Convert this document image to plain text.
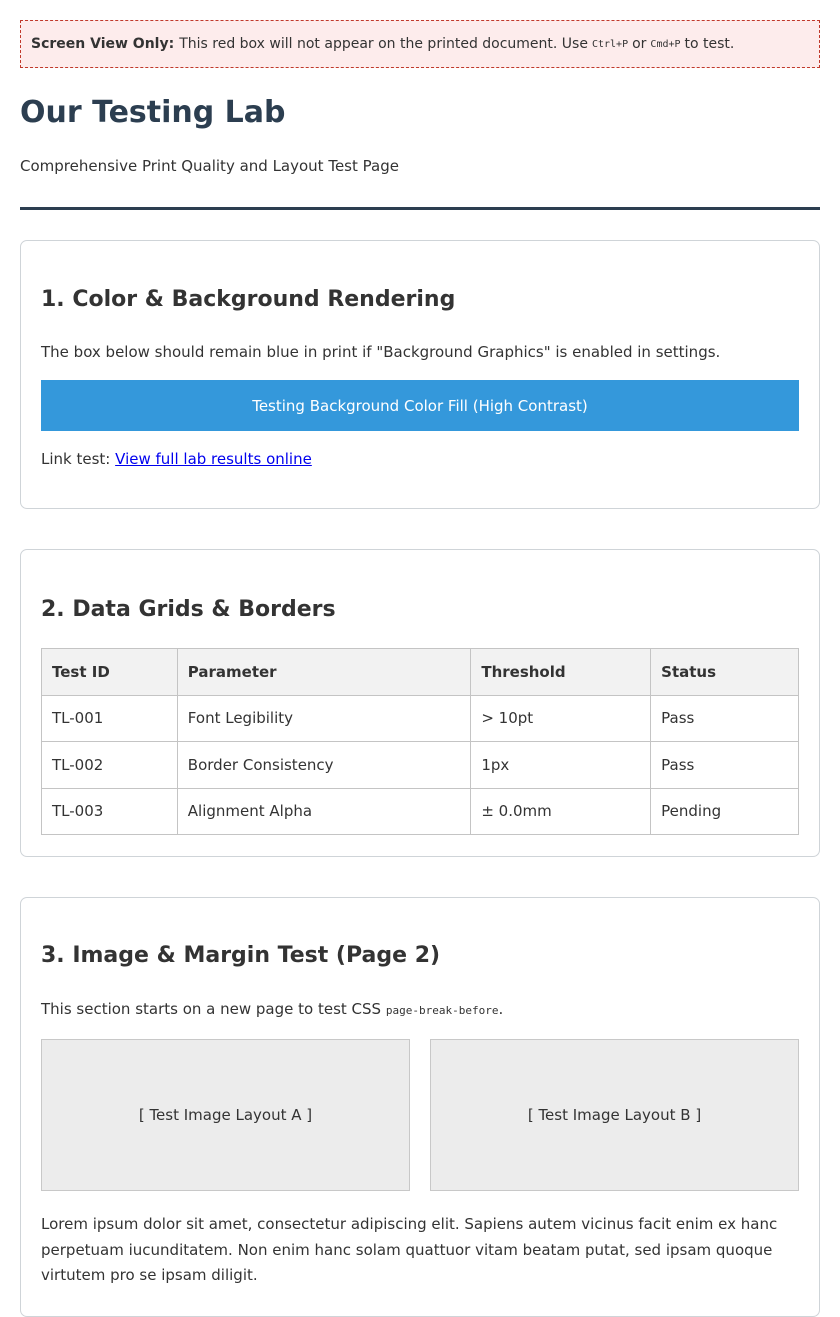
Screen View Only: This red box will not appear on the printed document. Use Ctrl+P or Cmd+P to test.
Our Testing Lab
Comprehensive Print Quality and Layout Test Page
1. Color & Background Rendering

The box below should remain blue in print if "Background Graphics" is enabled in settings.

Testing Background Color Fill (High Contrast)

Link test: View full lab results online

2. Data Grids & Borders
Test ID	Parameter	Threshold	Status
TL-001	Font Legibility	> 10pt	Pass
TL-002	Border Consistency	1px	Pass
TL-003	Alignment Alpha	± 0.0mm	Pending
3. Image & Margin Test (Page 2)

This section starts on a new page to test CSS page-break-before.

[ Test Image Layout A ]	[ Test Image Layout B ]

Lorem ipsum dolor sit amet, consectetur adipiscing elit. Sapiens autem vicinus facit enim ex hanc perpetuam iucunditatem. Non enim hanc solam quattuor vitam beatam putat, sed ipsam quoque virtutem pro se ipsam diligit.
